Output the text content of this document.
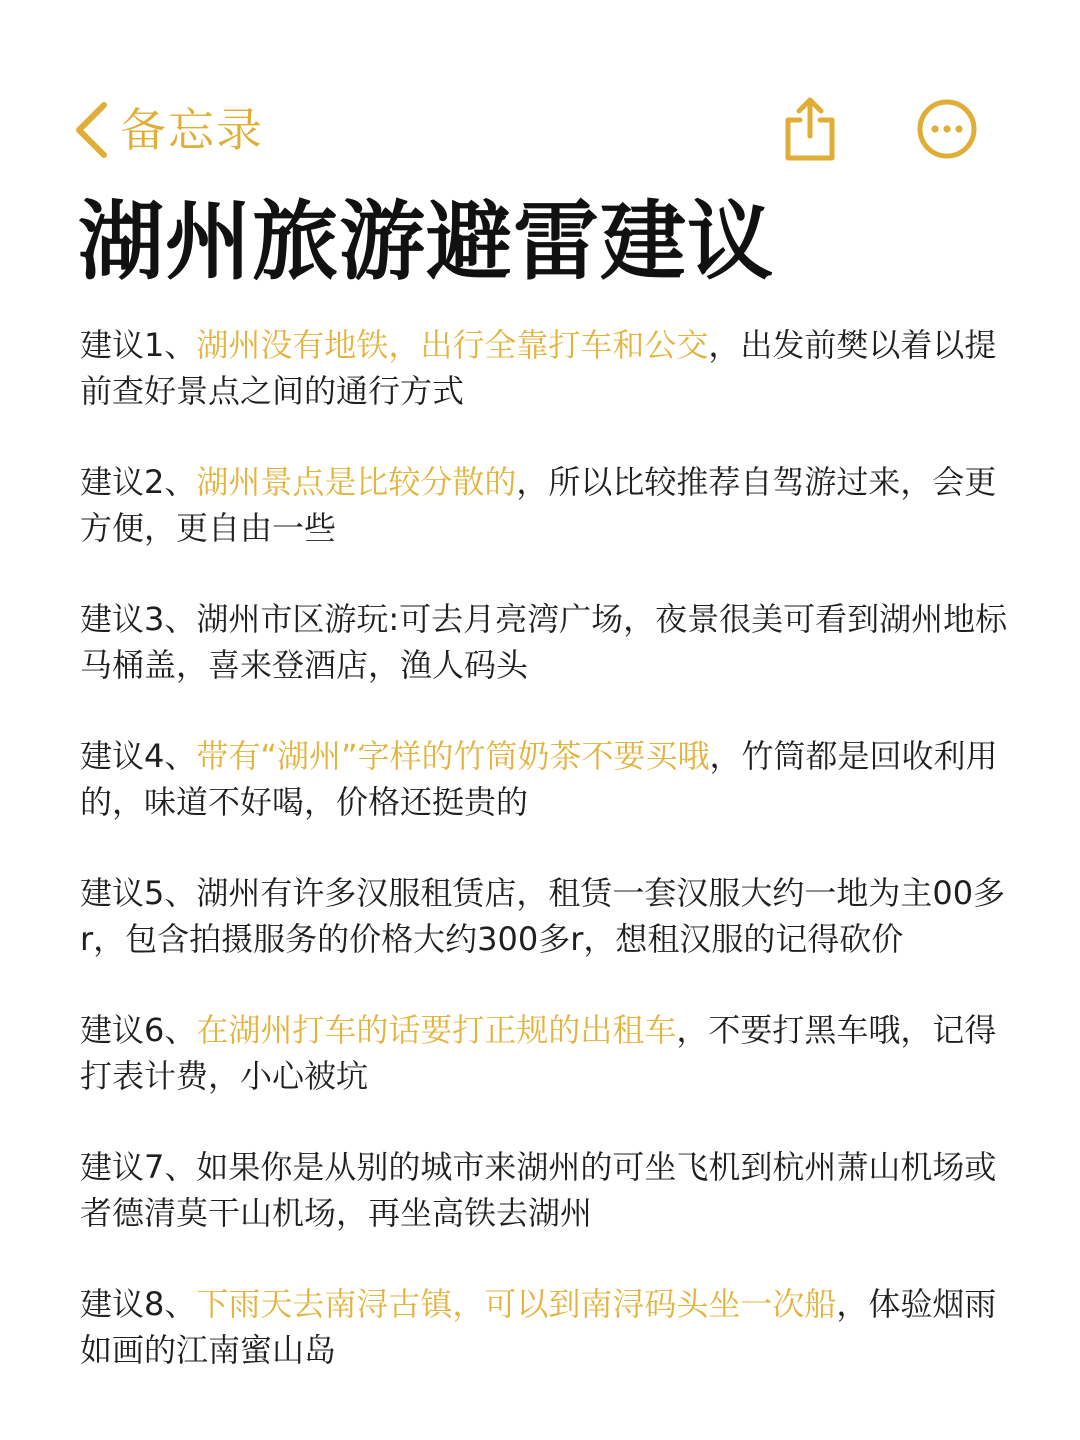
备忘录
湖州旅游避雷建议
建议1、湖州没有地铁，出行全靠打车和公交，出发前樊以着以提前查好景点之间的通行方式
建议2、湖州景点是比较分散的，所以比较推荐自驾游过来，会更方便，更自由一些
建议3、湖州市区游玩:可去月亮湾广场，夜景很美可看到湖州地标马桶盖，喜来登酒店，渔人码头
建议4、带有“湖州”字样的竹筒奶茶不要买哦，竹筒都是回收利用的，味道不好喝，价格还挺贵的
建议5、湖州有许多汉服租赁店，租赁一套汉服大约一地为主00多r，包含拍摄服务的价格大约300多r，想租汉服的记得砍价
建议6、在湖州打车的话要打正规的出租车，不要打黑车哦，记得打表计费，小心被坑
建议7、如果你是从别的城市来湖州的可坐飞机到杭州萧山机场或者德清莫干山机场，再坐高铁去湖州
建议8、下雨天去南浔古镇，可以到南浔码头坐一次船，体验烟雨如画的江南蜜山岛
